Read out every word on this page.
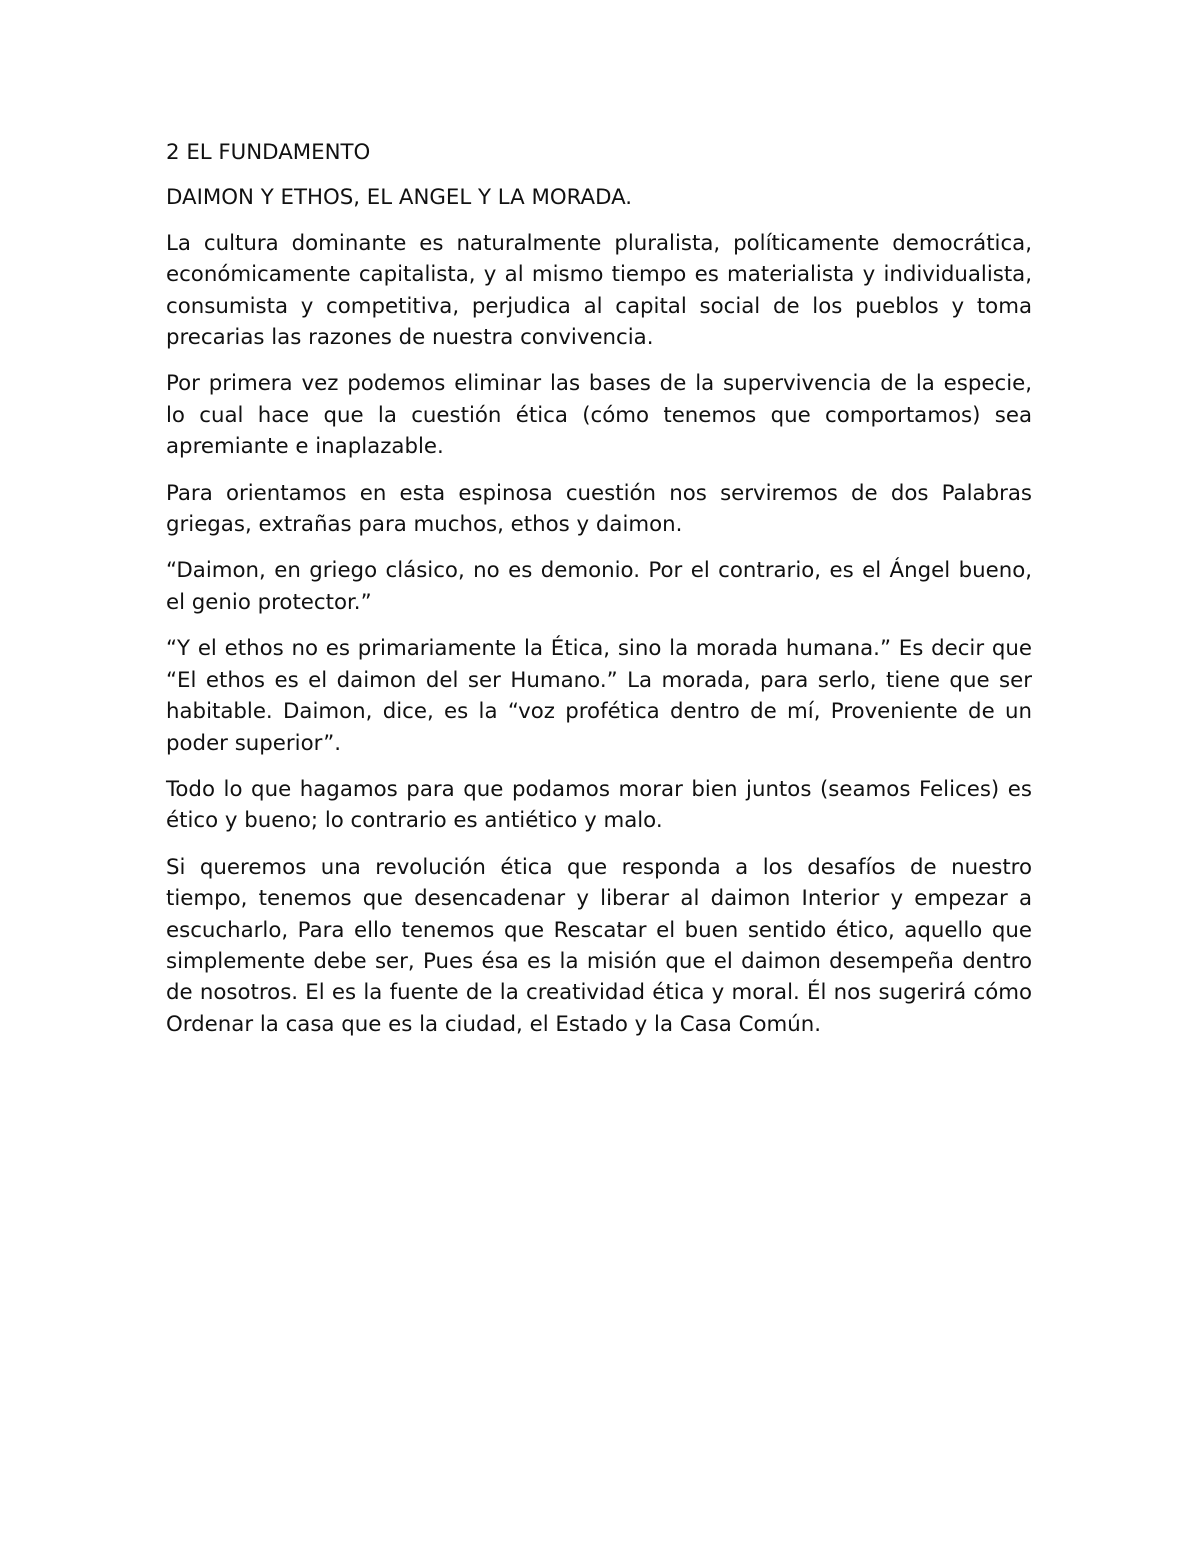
2 EL FUNDAMENTO
DAIMON Y ETHOS, EL ANGEL Y LA MORADA.

La cultura dominante es naturalmente pluralista, políticamente democrática, económicamente capitalista, y al mismo tiempo es materialista y individualista, consumista y competitiva, perjudica al capital social de los pueblos y toma precarias las razones de nuestra convivencia.

Por primera vez podemos eliminar las bases de la supervivencia de la especie, lo cual hace que la cuestión ética (cómo tenemos que comportamos) sea apremiante e inaplazable.

Para orientamos en esta espinosa cuestión nos serviremos de dos Palabras griegas, extrañas para muchos, ethos y daimon.

“Daimon, en griego clásico, no es demonio. Por el contrario, es el Ángel bueno, el genio protector.”

“Y el ethos no es primariamente la Ética, sino la morada humana.” Es decir que “El ethos es el daimon del ser Humano.” La morada, para serlo, tiene que ser habitable. Daimon, dice, es la “voz profética dentro de mí, Proveniente de un poder superior”.

Todo lo que hagamos para que podamos morar bien juntos (seamos Felices) es ético y bueno; lo contrario es antiético y malo.

Si queremos una revolución ética que responda a los desafíos de nuestro tiempo, tenemos que desencadenar y liberar al daimon Interior y empezar a escucharlo, Para ello tenemos que Rescatar el buen sentido ético, aquello que simplemente debe ser, Pues ésa es la misión que el daimon desempeña dentro de nosotros. El es la fuente de la creatividad ética y moral. Él nos sugerirá cómo Ordenar la casa que es la ciudad, el Estado y la Casa Común.
